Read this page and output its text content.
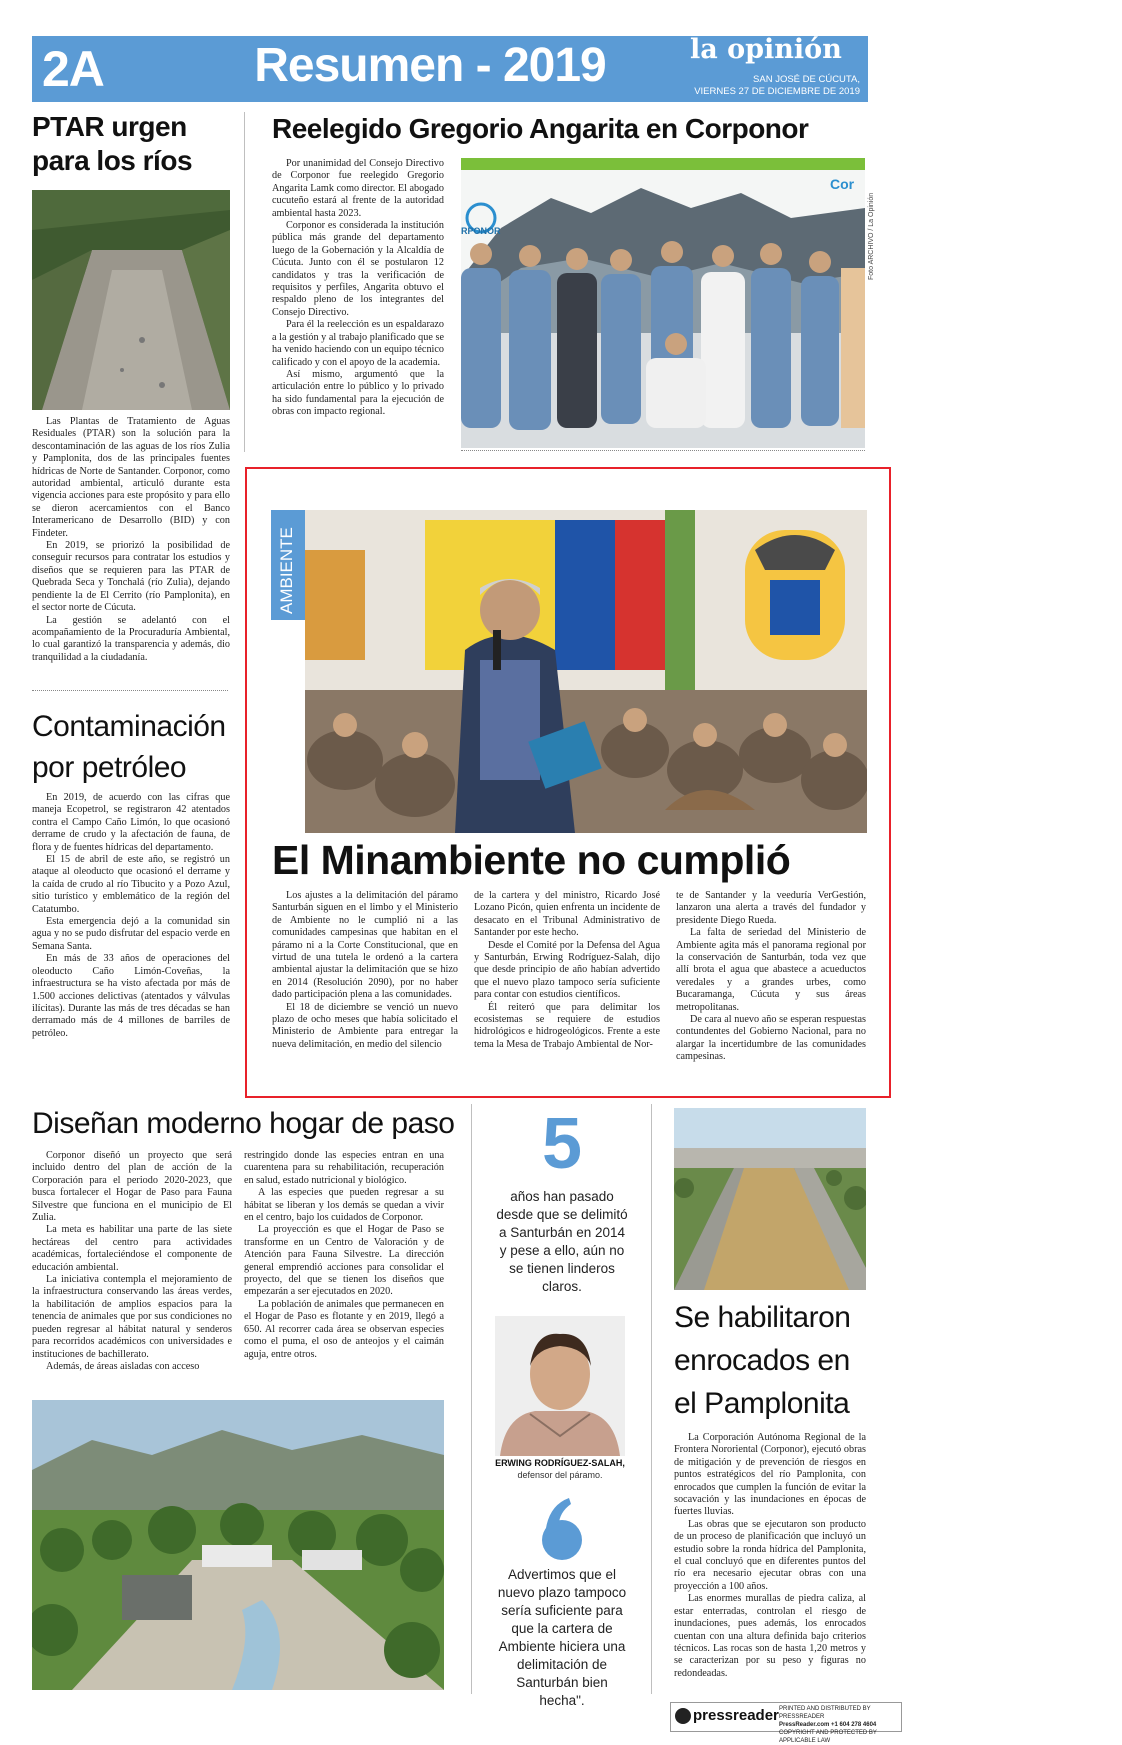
2A	Resumen - 2019	la opinión
SAN JOSÉ DE CÚCUTA,
VIERNES 27 DE DICIEMBRE DE 2019
PTAR urgen para los ríos

Las Plantas de Tratamiento de Aguas Residuales (PTAR) son la solución para la descontaminación de las aguas de los ríos Zulia y Pamplonita, dos de las principales fuentes hídricas de Norte de Santander. Corponor, como autoridad ambiental, articuló durante esta vigencia acciones para este propósito y para ello se dieron acercamientos con el Banco Interamericano de Desarrollo (BID) y con Findeter.

En 2019, se priorizó la posibilidad de conseguir recursos para contratar los estudios y diseños que se requieren para las PTAR de Quebrada Seca y Tonchalá (río Zulia), dejando pendiente la de El Cerrito (río Pamplonita), en el sector norte de Cúcuta.

La gestión se adelantó con el acompañamiento de la Procuraduría Ambiental, lo cual garantizó la transparencia y además, dio tranquilidad a la ciudadanía.

Contaminación por petróleo

En 2019, de acuerdo con las cifras que maneja Ecopetrol, se registraron 42 atentados contra el Campo Caño Limón, lo que ocasionó derrame de crudo y la afectación de fauna, de flora y de fuentes hídricas del departamento.

El 15 de abril de este año, se registró un ataque al oleoducto que ocasionó el derrame y la caída de crudo al río Tibucito y a Pozo Azul, sitio turístico y emblemático de la región del Catatumbo.

Esta emergencia dejó a la comunidad sin agua y no se pudo disfrutar del espacio verde en Semana Santa.

En más de 33 años de operaciones del oleoducto Caño Limón-Coveñas, la infraestructura se ha visto afectada por más de 1.500 acciones delictivas (atentados y válvulas ilícitas). Durante las más de tres décadas se han derramado más de 4 millones de barriles de petróleo.

Reelegido Gregorio Angarita en Corponor

Por unanimidad del Consejo Directivo de Corponor fue reelegido Gregorio Angarita Lamk como director. El abogado cucuteño estará al frente de la autoridad ambiental hasta 2023.

Corponor es considerada la institución pública más grande del departamento luego de la Gobernación y la Alcaldía de Cúcuta. Junto con él se postularon 12 candidatos y tras la verificación de requisitos y perfiles, Angarita obtuvo el respaldo pleno de los integrantes del Consejo Directivo.

Para él la reelección es un espaldarazo a la gestión y al trabajo planificado que se ha venido haciendo con un equipo técnico calificado y con el apoyo de la academia.

Así mismo, argumentó que la articulación entre lo público y lo privado ha sido fundamental para la ejecución de obras con impacto regional.

Cor
RPONOR	Foto ARCHIVO / La Opinión
AMBIENTE
El Minambiente no cumplió

Los ajustes a la delimitación del páramo Santurbán siguen en el limbo y el Ministerio de Ambiente no le cumplió ni a las comunidades campesinas que habitan en el páramo ni a la Corte Constitucional, que en virtud de una tutela le ordenó a la cartera ambiental ajustar la delimitación que se hizo en 2014 (Resolución 2090), por no haber dado participación plena a las comunidades.

El 18 de diciembre se venció un nuevo plazo de ocho meses que había solicitado el Ministerio de Ambiente para entregar la nueva delimitación, en medio del silencio

de la cartera y del ministro, Ricardo José Lozano Picón, quien enfrenta un incidente de desacato en el Tribunal Administrativo de Santander por este hecho.

Desde el Comité por la Defensa del Agua y Santurbán, Erwing Rodríguez-Salah, dijo que desde principio de año habían advertido que el nuevo plazo tampoco sería suficiente para contar con estudios científicos.

Él reiteró que para delimitar los ecosistemas se requiere de estudios hidrológicos e hidrogeológicos. Frente a este tema la Mesa de Trabajo Ambiental de Nor-

te de Santander y la veeduría VerGestión, lanzaron una alerta a través del fundador y presidente Diego Rueda.

La falta de seriedad del Ministerio de Ambiente agita más el panorama regional por la conservación de Santurbán, toda vez que allí brota el agua que abastece a acueductos veredales y a grandes urbes, como Bucaramanga, Cúcuta y sus áreas metropolitanas.

De cara al nuevo año se esperan respuestas contundentes del Gobierno Nacional, para no alargar la incertidumbre de las comunidades campesinas.

Diseñan moderno hogar de paso

Corponor diseñó un proyecto que será incluido dentro del plan de acción de la Corporación para el periodo 2020-2023, que busca fortalecer el Hogar de Paso para Fauna Silvestre que funciona en el municipio de El Zulia.

La meta es habilitar una parte de las siete hectáreas del centro para actividades académicas, fortaleciéndose el componente de educación ambiental.

La iniciativa contempla el mejoramiento de la infraestructura conservando las áreas verdes, la habilitación de amplios espacios para la tenencia de animales que por sus condiciones no pueden regresar al hábitat natural y senderos para recorridos académicos con universidades e instituciones de bachillerato.

Además, de áreas aisladas con acceso

restringido donde las especies entran en una cuarentena para su rehabilitación, recuperación en salud, estado nutricional y biológico.

A las especies que pueden regresar a su hábitat se liberan y los demás se quedan a vivir en el centro, bajo los cuidados de Corponor.

La proyección es que el Hogar de Paso se transforme en un Centro de Valoración y de Atención para Fauna Silvestre. La dirección general emprendió acciones para consolidar el proyecto, del que se tienen los diseños que empezarán a ser ejecutados en 2020.

La población de animales que permanecen en el Hogar de Paso es flotante y en 2019, llegó a 650. Al recorrer cada área se observan especies como el puma, el oso de anteojos y el caimán aguja, entre otros.

5
años han pasado desde que se delimitó a Santurbán en 2014 y pese a ello, aún no se tienen linderos claros.
ERWING RODRÍGUEZ-SALAH,
defensor del páramo.
Advertimos que el nuevo plazo tampoco sería suficiente para que la cartera de Ambiente hiciera una delimitación de Santurbán bien hecha".
Se habilitaron enrocados en el Pamplonita

La Corporación Autónoma Regional de la Frontera Nororiental (Corponor), ejecutó obras de mitigación y de prevención de riesgos en puntos estratégicos del río Pamplonita, con enrocados que cumplen la función de evitar la socavación y las inundaciones en épocas de fuertes lluvias.

Las obras que se ejecutaron son producto de un proceso de planificación que incluyó un estudio sobre la ronda hídrica del Pamplonita, el cual concluyó que en diferentes puntos del río era necesario ejecutar obras con una proyección a 100 años.

Las enormes murallas de piedra caliza, al estar enterradas, controlan el riesgo de inundaciones, pues además, los enrocados cuentan con una altura definida bajo criterios técnicos. Las rocas son de hasta 1,20 metros y se caracterizan por su peso y figuras no redondeadas.

pressreader PRINTED AND DISTRIBUTED BY PRESSREADER
PressReader.com +1 604 278 4604
COPYRIGHT AND PROTECTED BY APPLICABLE LAW
